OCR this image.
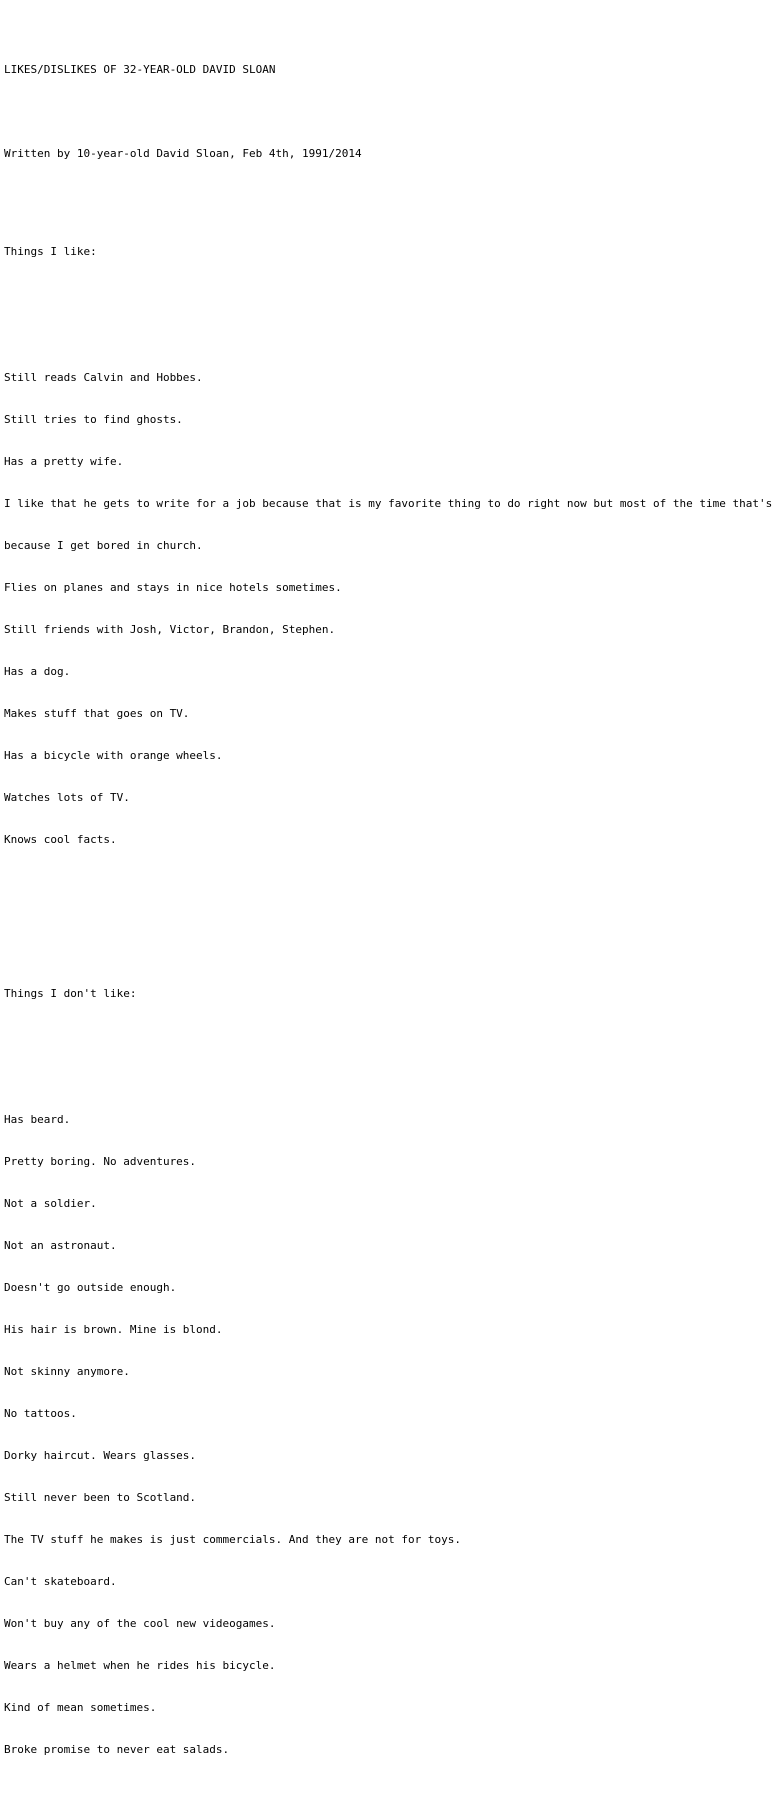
LIKES/DISLIKES OF 32-YEAR-OLD DAVID SLOAN

Written by 10-year-old David Sloan, Feb 4th, 1991/2014

Things I like:

Still reads Calvin and Hobbes.

Still tries to find ghosts.

Has a pretty wife.

I like that he gets to write for a job because that is my favorite thing to do right now but most of the time that's

because I get bored in church.

Flies on planes and stays in nice hotels sometimes.

Still friends with Josh, Victor, Brandon, Stephen.

Has a dog.

Makes stuff that goes on TV.

Has a bicycle with orange wheels.

Watches lots of TV.

Knows cool facts.

Things I don't like:

Has beard.

Pretty boring. No adventures.

Not a soldier.

Not an astronaut.

Doesn't go outside enough.

His hair is brown. Mine is blond.

Not skinny anymore.

No tattoos.

Dorky haircut. Wears glasses.

Still never been to Scotland.

The TV stuff he makes is just commercials. And they are not for toys.

Can't skateboard.

Won't buy any of the cool new videogames.

Wears a helmet when he rides his bicycle.

Kind of mean sometimes.

Broke promise to never eat salads.
